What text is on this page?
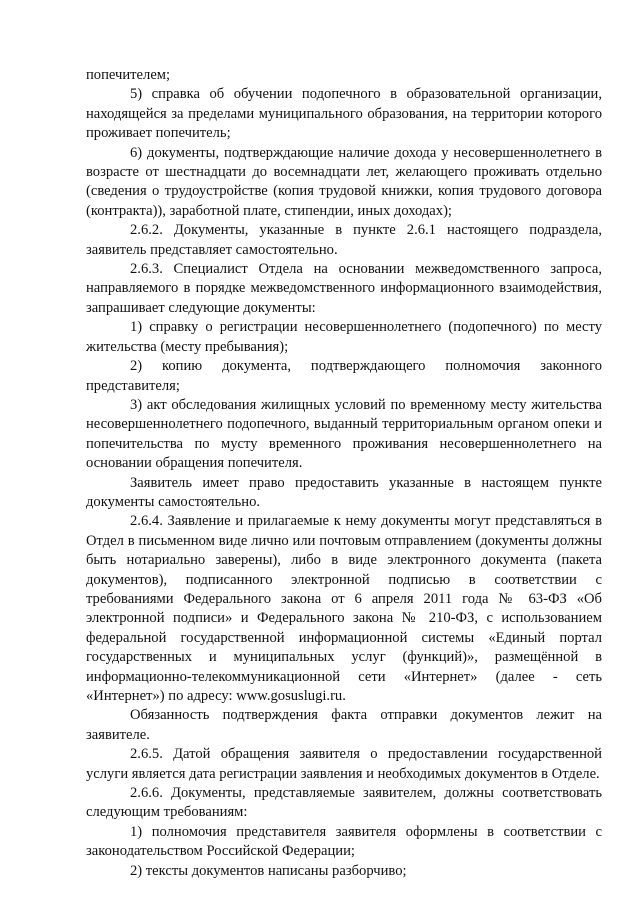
попечителем;

5) справка об обучении подопечного в образовательной организации, находящейся за пределами муниципального образования, на территории которого проживает попечитель;

6) документы, подтверждающие наличие дохода у несовершеннолетнего в возрасте от шестнадцати до восемнадцати лет, желающего проживать отдельно (сведения о трудоустройстве (копия трудовой книжки, копия трудового договора (контракта)), заработной плате, стипендии, иных доходах);

2.6.2. Документы, указанные в пункте 2.6.1 настоящего подраздела, заявитель представляет самостоятельно.

2.6.3. Специалист Отдела на основании межведомственного запроса, направляемого в порядке межведомственного информационного взаимодействия, запрашивает следующие документы:

1) справку о регистрации несовершеннолетнего (подопечного) по месту жительства (месту пребывания);

2) копию документа, подтверждающего полномочия законного представителя;

3) акт обследования жилищных условий по временному месту жительства несовершеннолетнего подопечного, выданный территориальным органом опеки и попечительства по мусту временного проживания несовершеннолетнего на основании обращения попечителя.

Заявитель имеет право предоставить указанные в настоящем пункте документы самостоятельно.

2.6.4. Заявление и прилагаемые к нему документы могут представляться в Отдел в письменном виде лично или почтовым отправлением (документы должны быть нотариально заверены), либо в виде электронного документа (пакета документов), подписанного электронной подписью в соответствии с требованиями Федерального закона от 6 апреля 2011 года № 63-ФЗ «Об электронной подписи» и Федерального закона № 210-ФЗ, с использованием федеральной государственной информационной системы «Единый портал государственных и муниципальных услуг (функций)», размещённой в информационно-телекоммуникационной сети «Интернет» (далее - сеть «Интернет») по адресу: www.gosuslugi.ru.

Обязанность подтверждения факта отправки документов лежит на заявителе.

2.6.5. Датой обращения заявителя о предоставлении государственной услуги является дата регистрации заявления и необходимых документов в Отделе.

2.6.6. Документы, представляемые заявителем, должны соответствовать следующим требованиям:

1) полномочия представителя заявителя оформлены в соответствии с законодательством Российской Федерации;

2) тексты документов написаны разборчиво;
